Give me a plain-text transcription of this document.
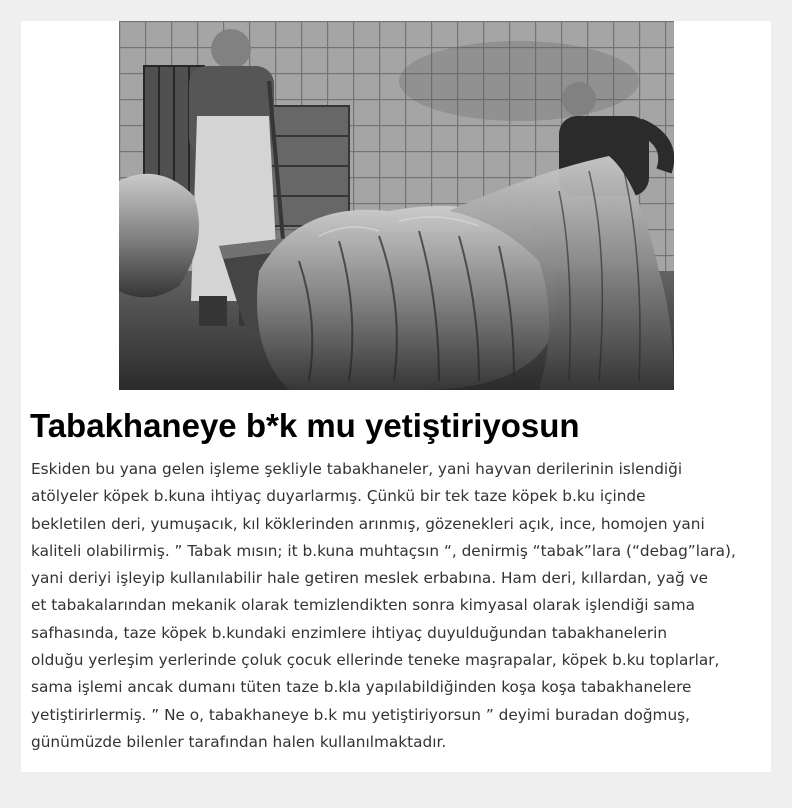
Tabakhaneye b*k mu yetiştiriyosun

Eskiden bu yana gelen işleme şekliyle tabakhaneler, yani hayvan derilerinin islendiği
atölyeler köpek b.kuna ihtiyaç duyarlarmış. Çünkü bir tek taze köpek b.ku içinde
bekletilen deri, yumuşacık, kıl köklerinden arınmış, gözenekleri açık, ince, homojen yani
kaliteli olabilirmiş. ” Tabak mısın; it b.kuna muhtaçsın “, denirmiş “tabak”lara (“debag”lara),
yani deriyi işleyip kullanılabilir hale getiren meslek erbabına. Ham deri, kıllardan, yağ ve
et tabakalarından mekanik olarak temizlendikten sonra kimyasal olarak işlendiği sama
safhasında, taze köpek b.kundaki enzimlere ihtiyaç duyulduğundan tabakhanelerin
olduğu yerleşim yerlerinde çoluk çocuk ellerinde teneke maşrapalar, köpek b.ku toplarlar,
sama işlemi ancak dumanı tüten taze b.kla yapılabildiğinden koşa koşa tabakhanelere
yetiştirirlermiş. ” Ne o, tabakhaneye b.k mu yetiştiriyorsun ” deyimi buradan doğmuş,
günümüzde bilenler tarafından halen kullanılmaktadır.
